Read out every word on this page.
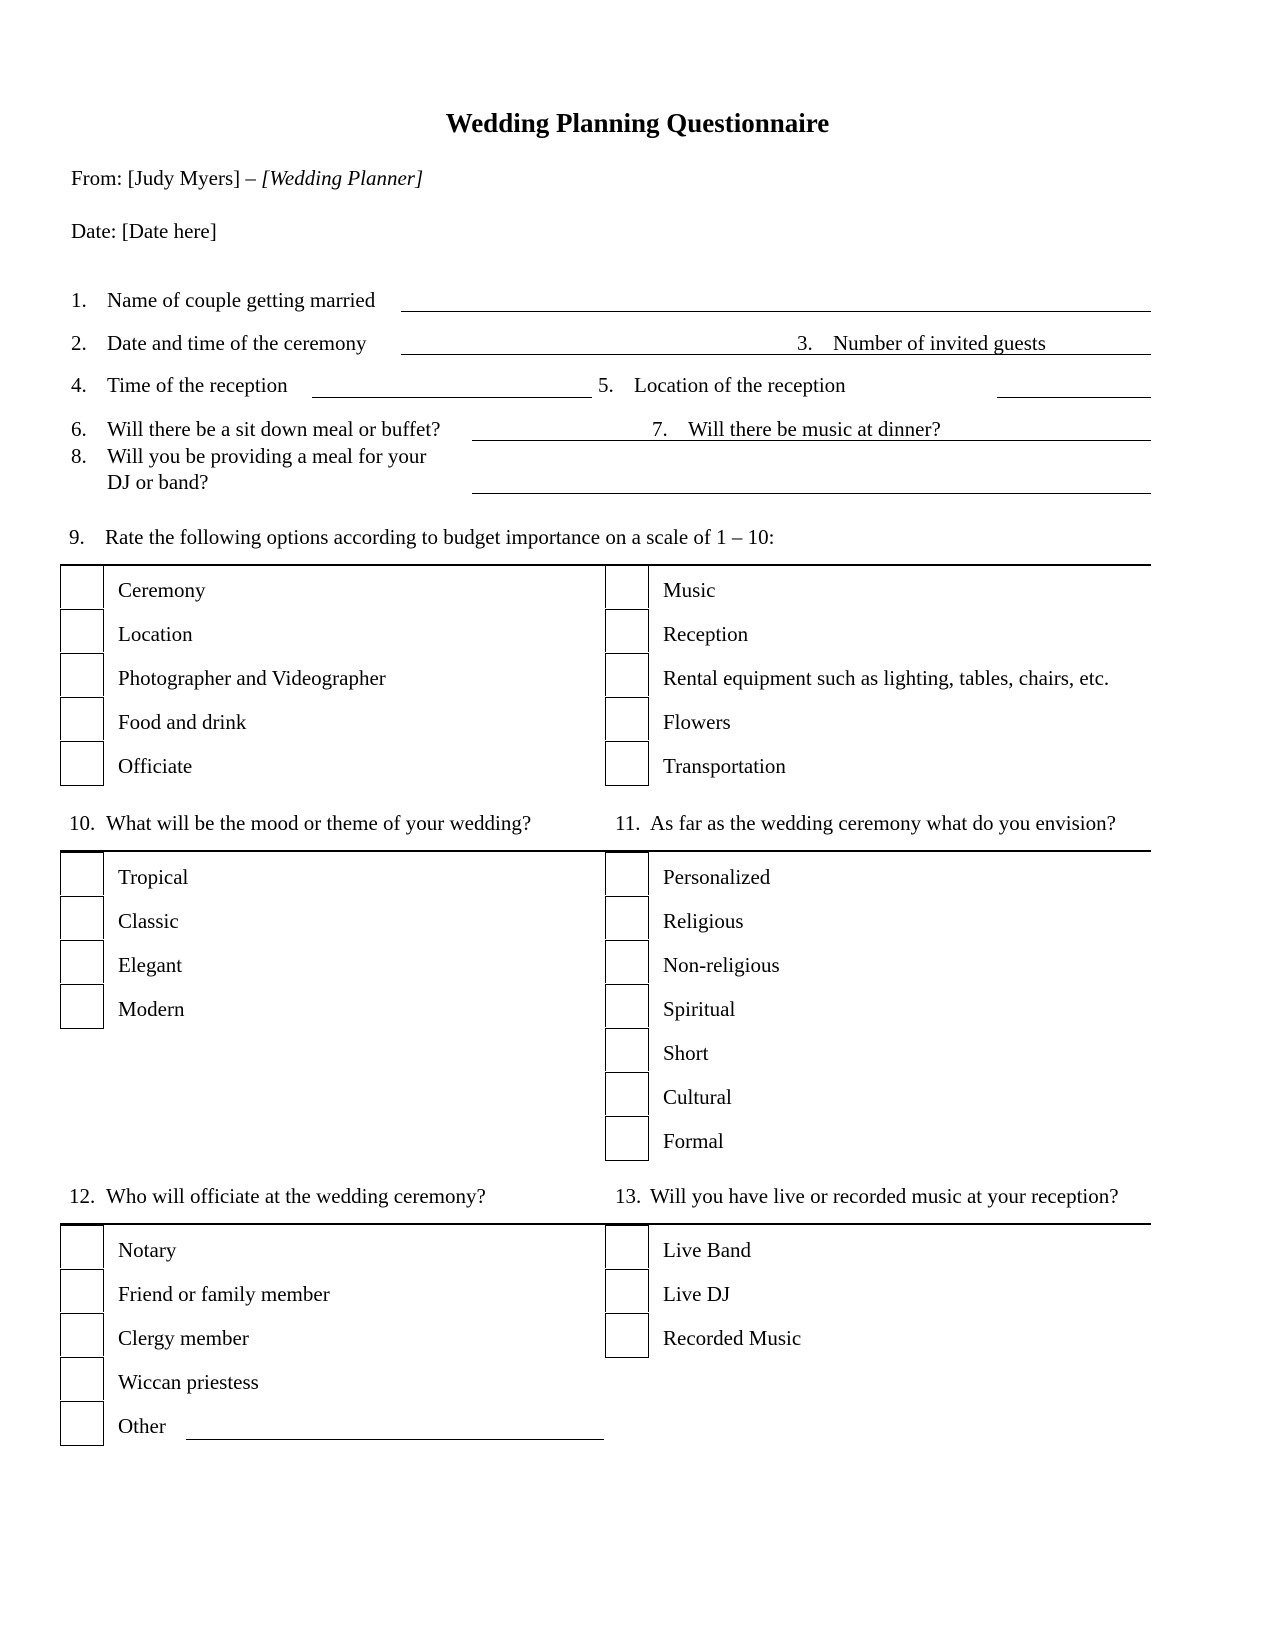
Wedding Planning Questionnaire
From: [Judy Myers] – [Wedding Planner]
Date: [Date here]
1. Name of couple getting married
2. Date and time of the ceremony	3. Number of invited guests
4. Time of the reception	5. Location of the reception
6. Will there be a sit down meal or buffet?	7. Will there be music at dinner?
8. Will you be providing a meal for your
DJ or band?
9. Rate the following options according to budget importance on a scale of 1 – 10:
Ceremony
Location
Photographer and Videographer
Food and drink
Officiate
Music
Reception
Rental equipment such as lighting, tables, chairs, etc.
Flowers
Transportation
10. What will be the mood or theme of your wedding?	11. As far as the wedding ceremony what do you envision?
Tropical
Classic
Elegant
Modern
Personalized
Religious
Non-religious
Spiritual
Short
Cultural
Formal
12. Who will officiate at the wedding ceremony?	13. Will you have live or recorded music at your reception?
Notary
Friend or family member
Clergy member
Wiccan priestess
Other
Live Band
Live DJ
Recorded Music
